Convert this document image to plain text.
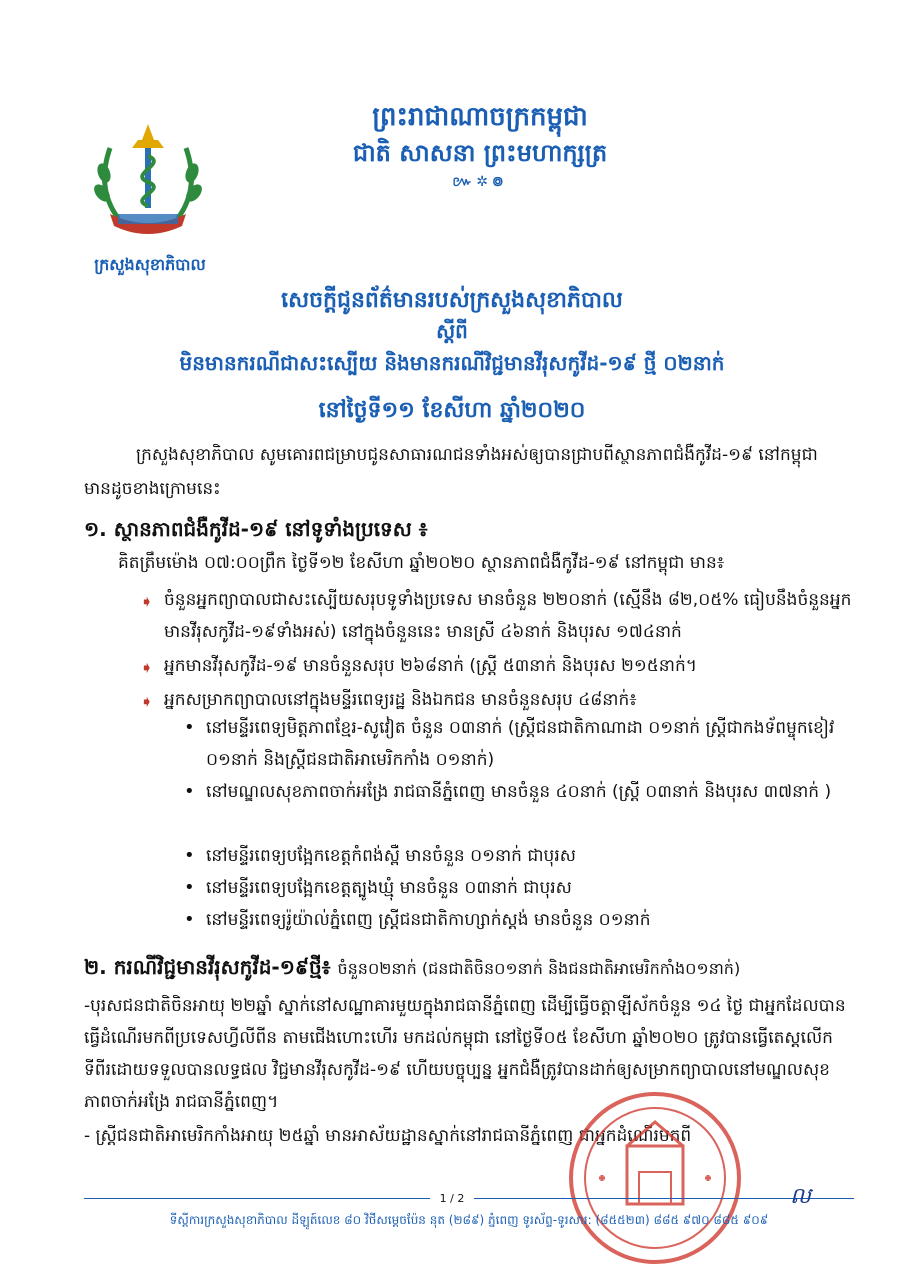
ក្រសួងសុខាភិបាល
ព្រះរាជាណាចក្រកម្ពុជា
ជាតិ សាសនា ព្រះមហាក្សត្រ
៚✲៙
សេចក្តីជូនព័ត៌មានរបស់ក្រសួងសុខាភិបាល
ស្តីពី
មិនមានករណីជាសះស្បើយ និងមានករណីវិជ្ជមានវីរុសកូវីដ-១៩ ថ្មី ០២នាក់
នៅថ្ងៃទី១១ ខែសីហា ឆ្នាំ២០២០
ក្រសួងសុខាភិបាល សូមគោរពជម្រាបជូនសាធារណជនទាំងអស់ឲ្យបានជ្រាបពីស្ថានភាពជំងឺកូវីដ-១៩ នៅកម្ពុជា មានដូចខាងក្រោមនេះ
១. ស្ថានភាពជំងឺកូវីដ-១៩ នៅទូទាំងប្រទេស ៖
គិតត្រឹមម៉ោង ០៧:០០ព្រឹក ថ្ងៃទី១២ ខែសីហា ឆ្នាំ២០២០ ស្ថានភាពជំងឺកូវីដ-១៩ នៅកម្ពុជា មាន៖
➧ ចំនួនអ្នកព្យាបាលជាសះស្បើយសរុបទូទាំងប្រទេស មានចំនួន ២២០នាក់ (ស្មើនឹង ៨២,០៥% ធៀបនឹងចំនួនអ្នកមានវីរុសកូវីដ-១៩ទាំងអស់) នៅក្នុងចំនួននេះ មានស្រី ៤៦នាក់ និងបុរស ១៧៤នាក់
➧ អ្នកមានវីរុសកូវីដ-១៩ មានចំនួនសរុប ២៦៨នាក់ (ស្ត្រី ៥៣នាក់ និងបុរស ២១៥នាក់។
➧ អ្នកសម្រាកព្យាបាលនៅក្នុងមន្ទីរពេទ្យរដ្ឋ និងឯកជន មានចំនួនសរុប ៤៨នាក់៖
• នៅមន្ទីរពេទ្យមិត្តភាពខ្មែរ-សូវៀត ចំនួន ០៣នាក់ (ស្ត្រីជនជាតិកាណាដា ០១នាក់ ស្ត្រីជាកងទ័ពម្ចុកខៀវ ០១នាក់ និងស្ត្រីជនជាតិអាមេរិកកាំង ០១នាក់)
• នៅមណ្ឌលសុខភាពចាក់អង្រែ រាជធានីភ្នំពេញ មានចំនួន ៤០នាក់ (ស្ត្រី ០៣នាក់ និងបុរស ៣៧នាក់ )
• នៅមន្ទីរពេទ្យបង្អែកខេត្តកំពង់ស្ពឺ មានចំនួន ០១នាក់ ជាបុរស
• នៅមន្ទីរពេទ្យបង្អែកខេត្តត្បូងឃ្មុំ មានចំនួន ០៣នាក់ ជាបុរស
• នៅមន្ទីរពេទ្យរ៉ូយ៉ាល់ភ្នំពេញ ស្ត្រីជនជាតិកាហ្សាក់ស្តង់ មានចំនួន ០១នាក់
២. ករណីវិជ្ជមានវីរុសកូវីដ-១៩ថ្មី៖ ចំនួន០២នាក់ (ជនជាតិចិន០១នាក់ និងជនជាតិអាមេរិកកាំង០១នាក់)
-បុរសជនជាតិចិនអាយុ ២២ឆ្នាំ ស្នាក់នៅសណ្ឋាគារមួយក្នុងរាជធានីភ្នំពេញ ដើម្បីធ្វើចត្តាឡីស័កចំនួន ១៤ ថ្ងៃ ជាអ្នកដែលបានធ្វើដំណើរមកពីប្រទេសហ្វីលីពីន តាមជើងហោះហើរ មកដល់កម្ពុជា នៅថ្ងៃទី០៥ ខែសីហា ឆ្នាំ២០២០ ត្រូវបានធ្វើតេស្តលើកទីពីរដោយទទួលបានលទ្ធផល វិជ្ជមានវីរុសកូវីដ-១៩ ហើយបច្ចុប្បន្ន អ្នកជំងឺត្រូវបានដាក់ឲ្យសម្រាកព្យាបាលនៅមណ្ឌលសុខភាពចាក់អង្រែ រាជធានីភ្នំពេញ។
- ស្ត្រីជនជាតិអាមេរិកកាំងអាយុ ២៥ឆ្នាំ មានអាស័យដ្ឋានស្នាក់នៅរាជធានីភ្នំពេញ ជាអ្នកដំណើរមកពី
1 / 2	ល
ទីស្តីការក្រសួងសុខាភិបាល ដីឡូត៍លេខ ៨០ វិថីសម្តេចប៉ែន នុត (២៨៩) ភ្នំពេញ ទូរស័ព្ទ-ទូរសារ: (៨៥៥២៣) ៨៨៥ ៩៧០ ៨៨៥ ៩០៩
